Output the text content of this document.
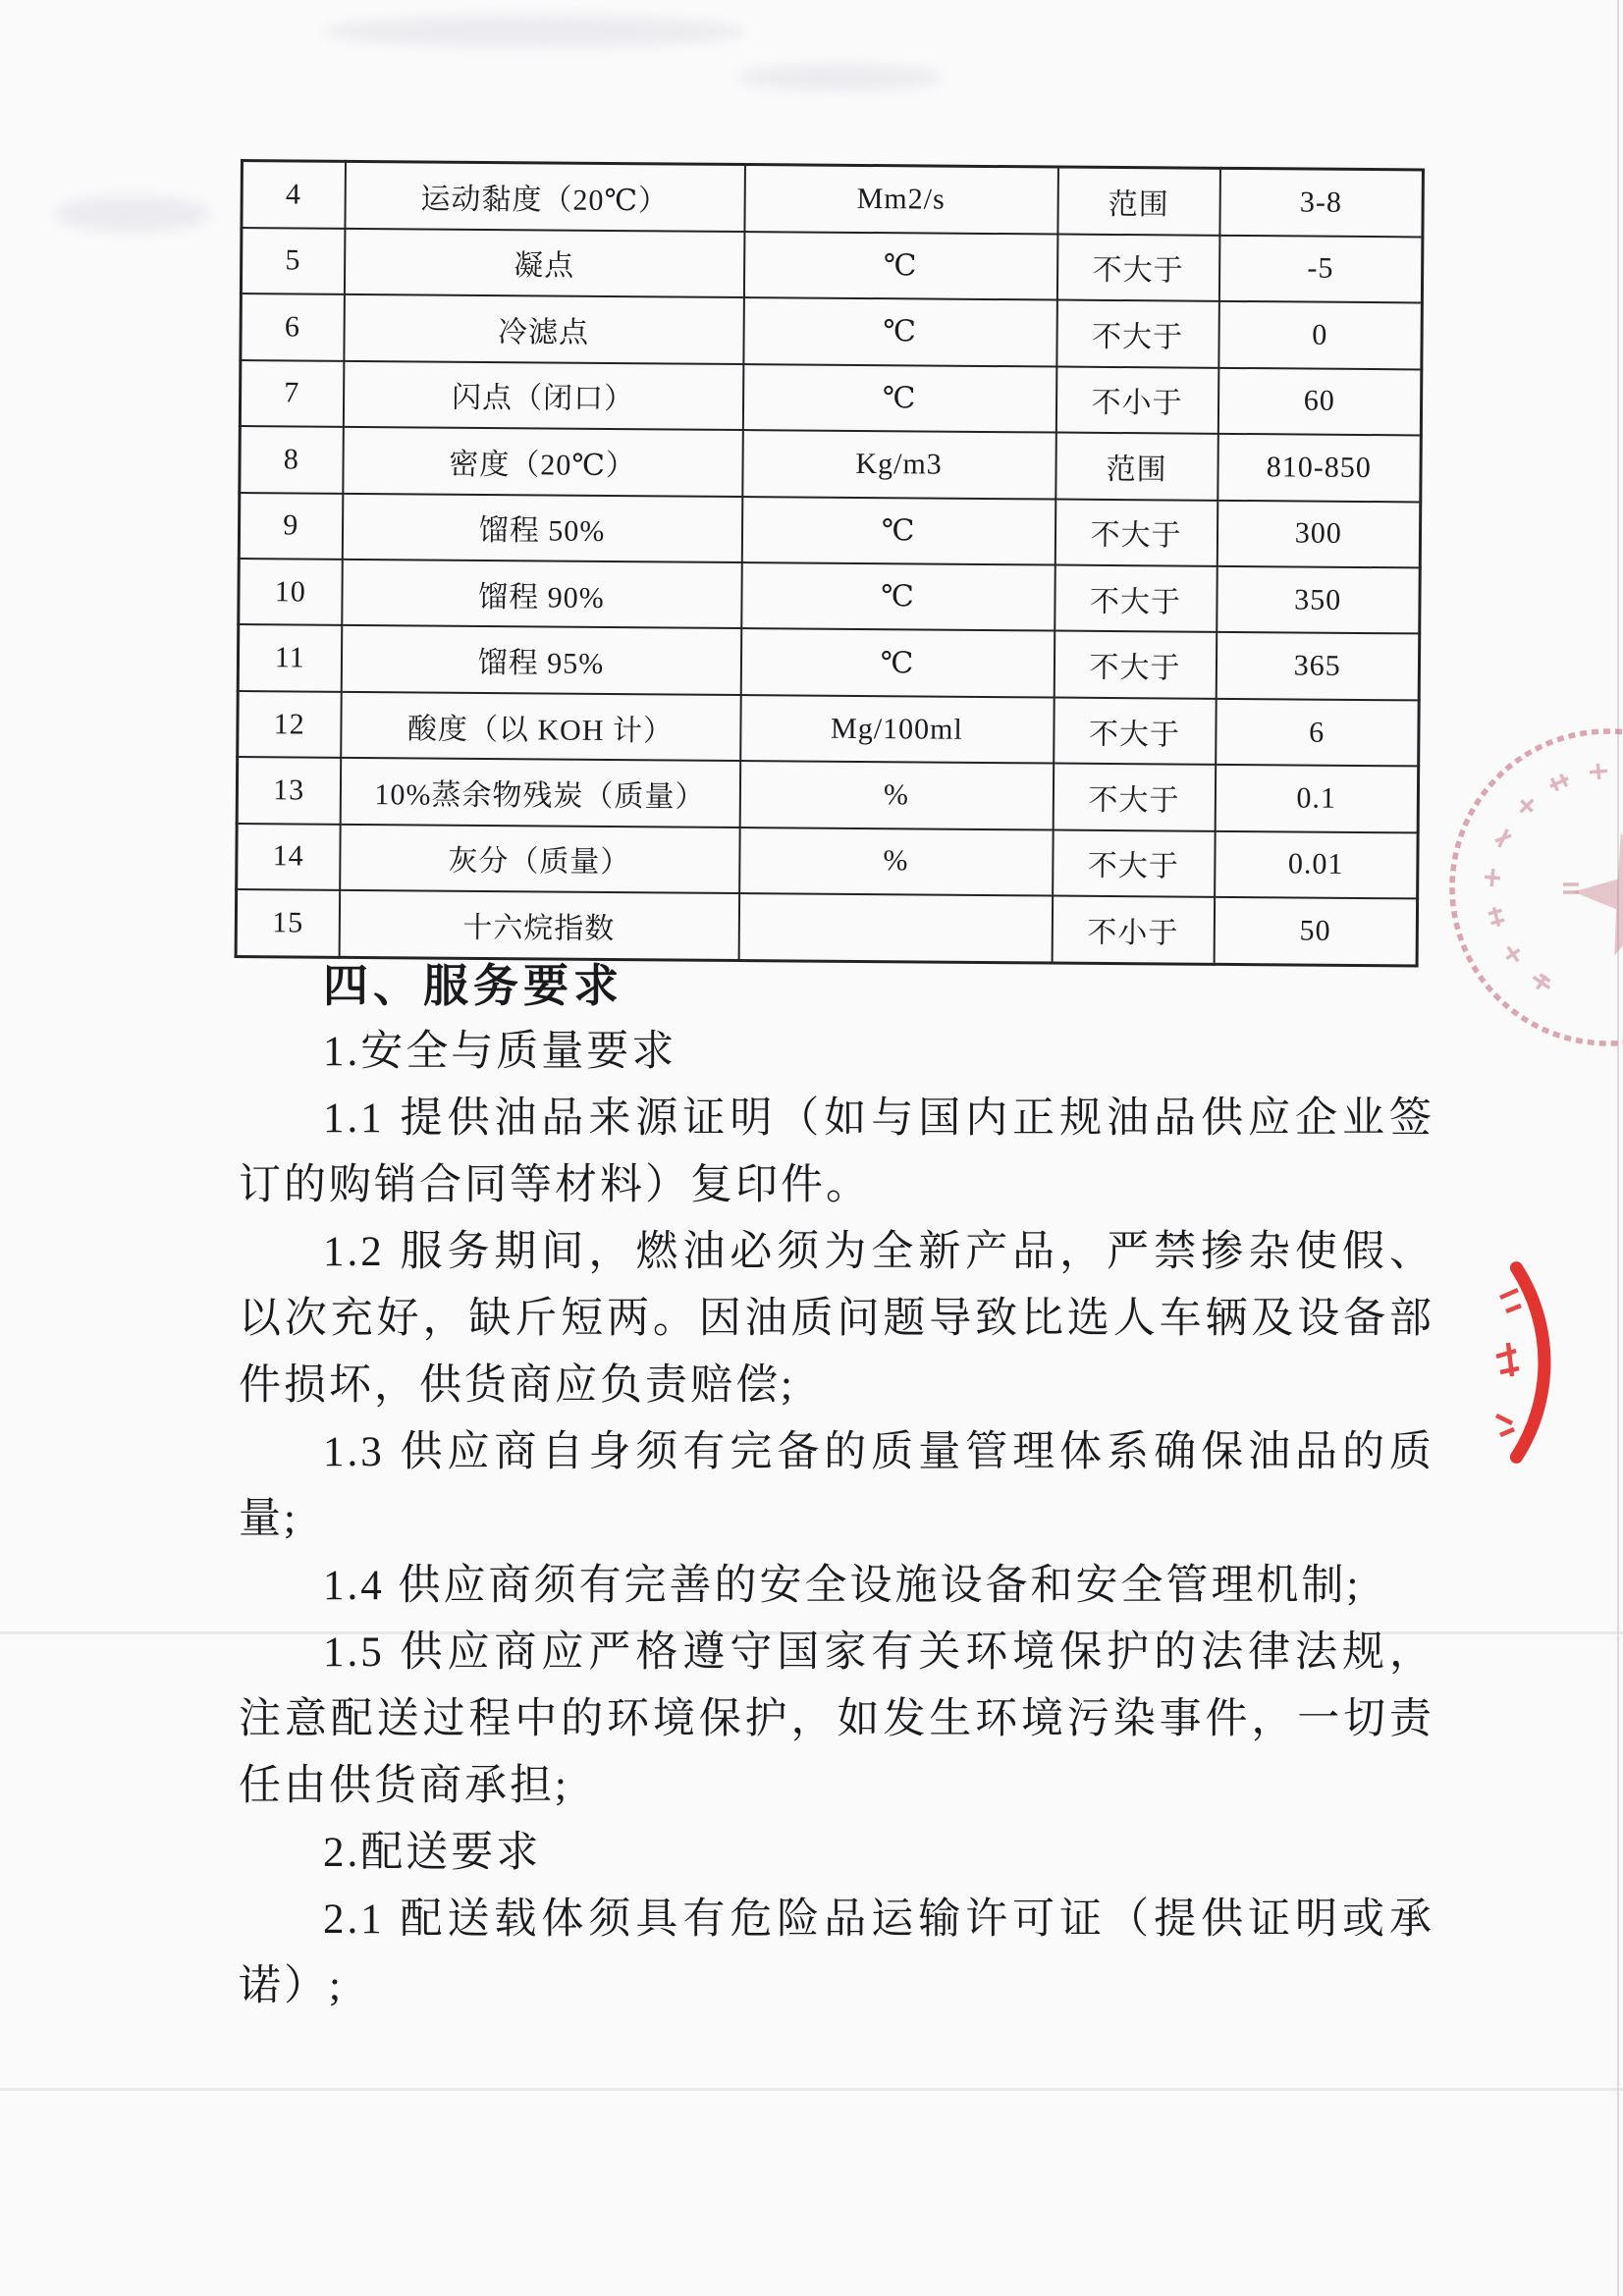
4	运动黏度（20℃）	Mm2/s	范围	3-8
5	凝点	℃	不大于	-5
6	冷滤点	℃	不大于	0
7	闪点（闭口）	℃	不小于	60
8	密度（20℃）	Kg/m3	范围	810-850
9	馏程 50%	℃	不大于	300
10	馏程 90%	℃	不大于	350
11	馏程 95%	℃	不大于	365
12	酸度（以 KOH 计）	Mg/100ml	不大于	6
13	10%蒸余物残炭（质量）	%	不大于	0.1
14	灰分（质量）	%	不大于	0.01
15	十六烷指数		不小于	50

四、服务要求

1.安全与质量要求

1.1 提供油品来源证明（如与国内正规油品供应企业签订的购销合同等材料）复印件。

1.2 服务期间，燃油必须为全新产品，严禁掺杂使假、以次充好，缺斤短两。因油质问题导致比选人车辆及设备部件损坏，供货商应负责赔偿;

1.3 供应商自身须有完备的质量管理体系确保油品的质量;

1.4 供应商须有完善的安全设施设备和安全管理机制;

1.5 供应商应严格遵守国家有关环境保护的法律法规，注意配送过程中的环境保护，如发生环境污染事件，一切责任由供货商承担;

2.配送要求

2.1 配送载体须具有危险品运输许可证（提供证明或承诺）;
